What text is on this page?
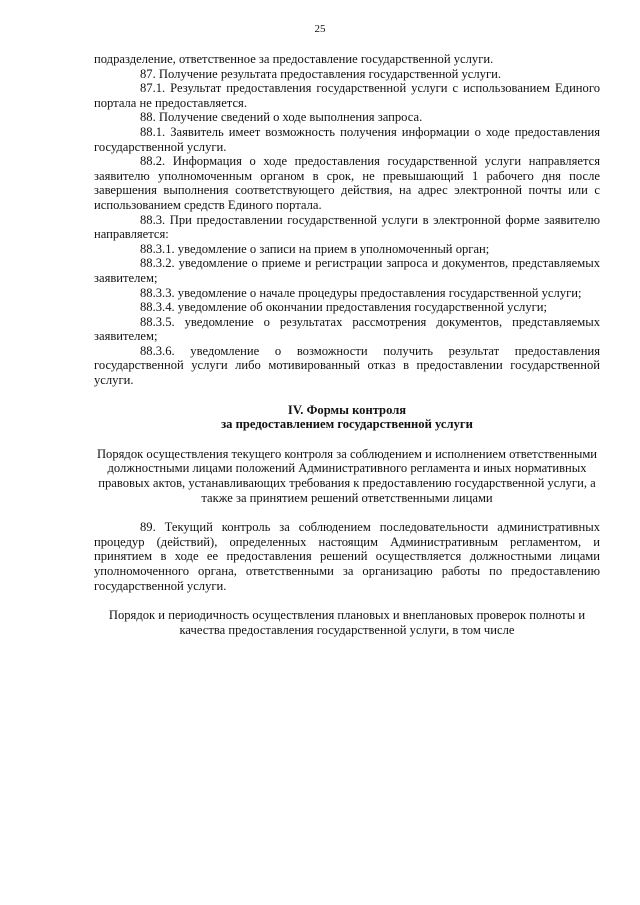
25

подразделение, ответственное за предоставление государственной услуги.

87. Получение результата предоставления государственной услуги.

87.1. Результат предоставления государственной услуги с использованием Единого портала не предоставляется.

88. Получение сведений о ходе выполнения запроса.

88.1. Заявитель имеет возможность получения информации о ходе предоставления государственной услуги.

88.2. Информация о ходе предоставления государственной услуги направляется заявителю уполномоченным органом в срок, не превышающий 1 рабочего дня после завершения выполнения соответствующего действия, на адрес электронной почты или с использованием средств Единого портала.

88.3. При предоставлении государственной услуги в электронной форме заявителю направляется:

88.3.1. уведомление о записи на прием в уполномоченный орган;

88.3.2. уведомление о приеме и регистрации запроса и документов, представляемых заявителем;

88.3.3. уведомление о начале процедуры предоставления государственной услуги;

88.3.4. уведомление об окончании предоставления государственной услуги;

88.3.5. уведомление о результатах рассмотрения документов, представляемых заявителем;

88.3.6. уведомление о возможности получить результат предоставления государственной услуги либо мотивированный отказ в предоставлении государственной услуги.

IV. Формы контроля

за предоставлением государственной услуги

Порядок осуществления текущего контроля за соблюдением и исполнением ответственными должностными лицами положений Административного регламента и иных нормативных правовых актов, устанавливающих требования к предоставлению государственной услуги, а также за принятием решений ответственными лицами

89. Текущий контроль за соблюдением последовательности административных процедур (действий), определенных настоящим Административным регламентом, и принятием в ходе ее предоставления решений осуществляется должностными лицами уполномоченного органа, ответственными за организацию работы по предоставлению государственной услуги.

Порядок и периодичность осуществления плановых и внеплановых проверок полноты и качества предоставления государственной услуги, в том числе
